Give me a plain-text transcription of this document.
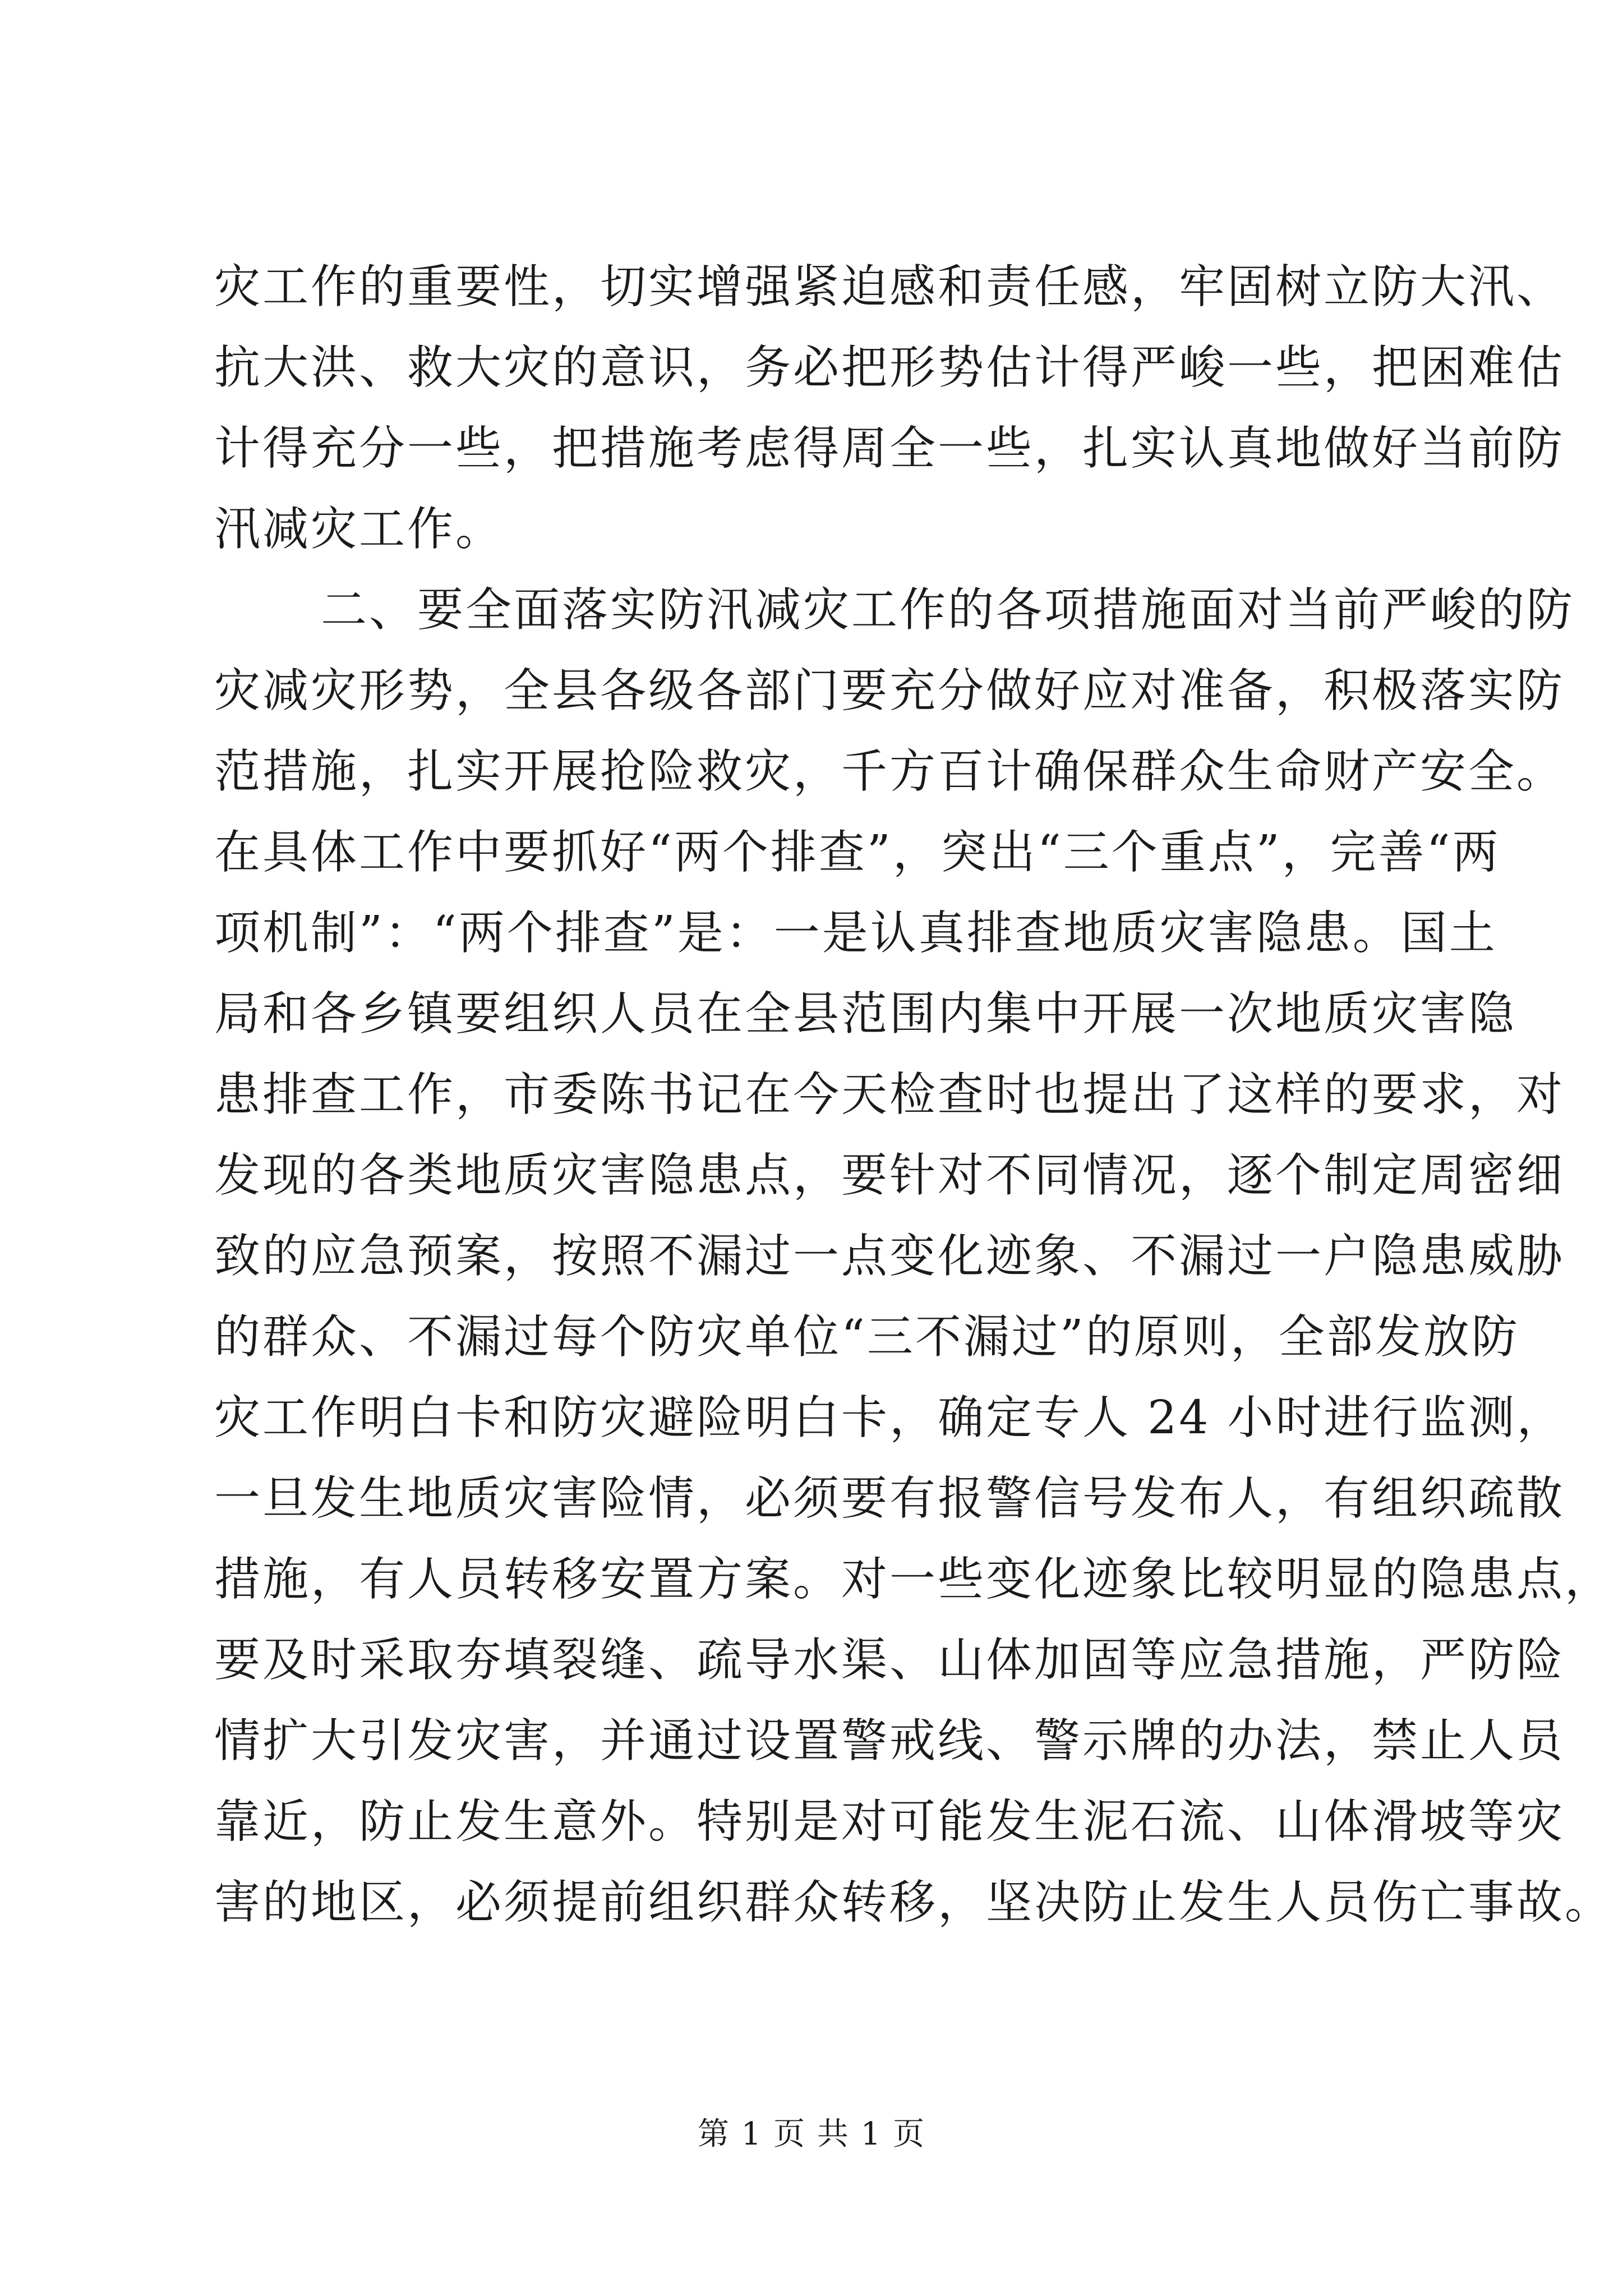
灾工作的重要性，切实增强紧迫感和责任感，牢固树立防大汛、
抗大洪、救大灾的意识，务必把形势估计得严峻一些，把困难估
计得充分一些，把措施考虑得周全一些，扎实认真地做好当前防
汛减灾工作。
二、要全面落实防汛减灾工作的各项措施面对当前严峻的防
灾减灾形势，全县各级各部门要充分做好应对准备，积极落实防
范措施，扎实开展抢险救灾，千方百计确保群众生命财产安全。
在具体工作中要抓好“两个排查”，突出“三个重点”，完善“两
项机制”：“两个排查”是：一是认真排查地质灾害隐患。国土
局和各乡镇要组织人员在全县范围内集中开展一次地质灾害隐
患排查工作，市委陈书记在今天检查时也提出了这样的要求，对
发现的各类地质灾害隐患点，要针对不同情况，逐个制定周密细
致的应急预案，按照不漏过一点变化迹象、不漏过一户隐患威胁
的群众、不漏过每个防灾单位“三不漏过”的原则，全部发放防
灾工作明白卡和防灾避险明白卡，确定专人 24 小时进行监测，
一旦发生地质灾害险情，必须要有报警信号发布人，有组织疏散
措施，有人员转移安置方案。对一些变化迹象比较明显的隐患点，
要及时采取夯填裂缝、疏导水渠、山体加固等应急措施，严防险
情扩大引发灾害，并通过设置警戒线、警示牌的办法，禁止人员
靠近，防止发生意外。特别是对可能发生泥石流、山体滑坡等灾
害的地区，必须提前组织群众转移，坚决防止发生人员伤亡事故。
第 1 页 共 1 页
